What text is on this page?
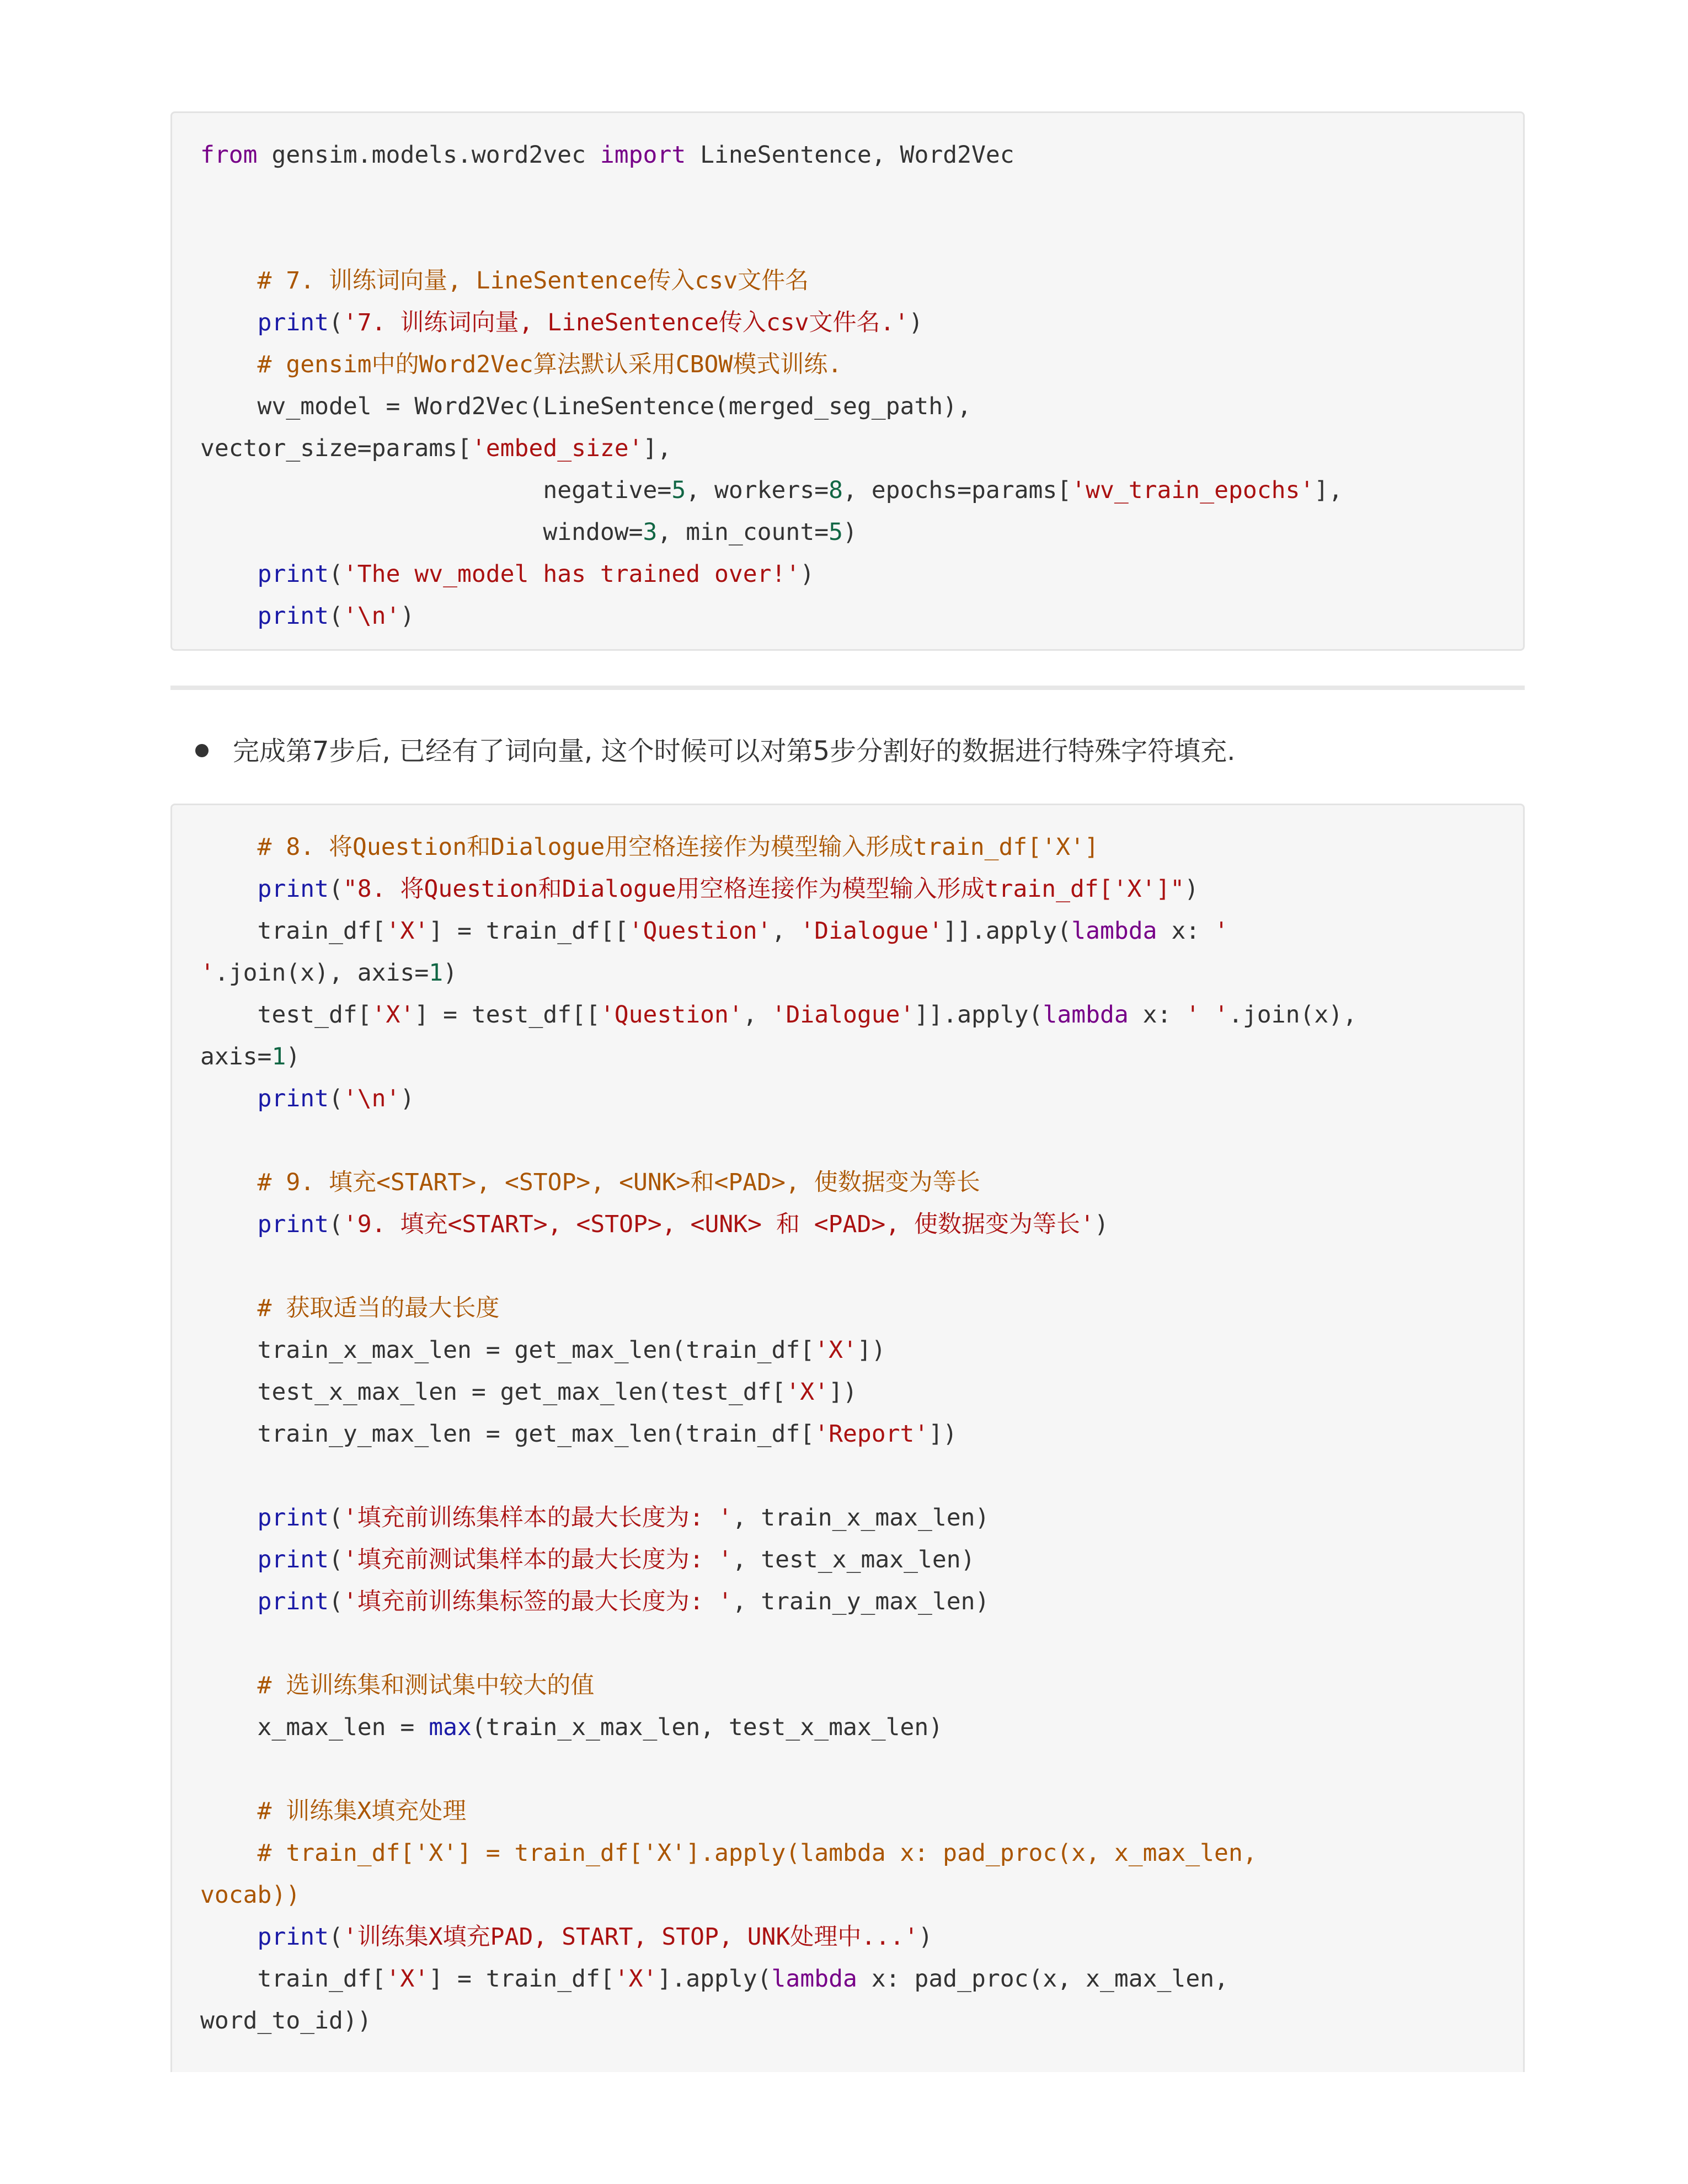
from gensim.models.word2vec import LineSentence, Word2Vec
# 7. 训练词向量, LineSentence传入csv文件名
print('7. 训练词向量, LineSentence传入csv文件名.')
# gensim中的Word2Vec算法默认采用CBOW模式训练.
wv_model = Word2Vec(LineSentence(merged_seg_path),
vector_size=params['embed_size'],
negative=5, workers=8, epochs=params['wv_train_epochs'],
window=3, min_count=5)
print('The wv_model has trained over!')
print('\n')
完成第7步后, 已经有了词向量, 这个时候可以对第5步分割好的数据进行特殊字符填充.
# 8. 将Question和Dialogue用空格连接作为模型输入形成train_df['X']
print("8. 将Question和Dialogue用空格连接作为模型输入形成train_df['X']")
train_df['X'] = train_df[['Question', 'Dialogue']].apply(lambda x: '
'.join(x), axis=1)
test_df['X'] = test_df[['Question', 'Dialogue']].apply(lambda x: ' '.join(x),
axis=1)
print('\n')
# 9. 填充<START>, <STOP>, <UNK>和<PAD>, 使数据变为等长
print('9. 填充<START>, <STOP>, <UNK> 和 <PAD>, 使数据变为等长')
# 获取适当的最大长度
train_x_max_len = get_max_len(train_df['X'])
test_x_max_len = get_max_len(test_df['X'])
train_y_max_len = get_max_len(train_df['Report'])
print('填充前训练集样本的最大长度为: ', train_x_max_len)
print('填充前测试集样本的最大长度为: ', test_x_max_len)
print('填充前训练集标签的最大长度为: ', train_y_max_len)
# 选训练集和测试集中较大的值
x_max_len = max(train_x_max_len, test_x_max_len)
# 训练集X填充处理
# train_df['X'] = train_df['X'].apply(lambda x: pad_proc(x, x_max_len,
vocab))
print('训练集X填充PAD, START, STOP, UNK处理中...')
train_df['X'] = train_df['X'].apply(lambda x: pad_proc(x, x_max_len,
word_to_id))
